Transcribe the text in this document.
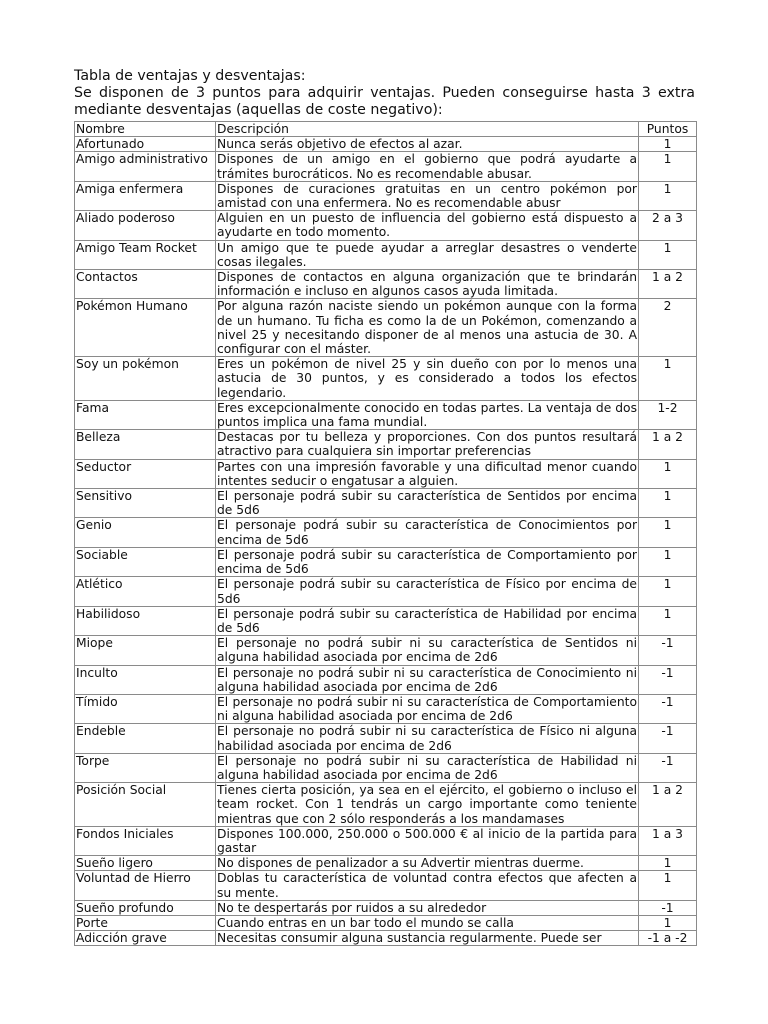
Tabla de ventajas y desventajas:

Se disponen de 3 puntos para adquirir ventajas. Pueden conseguirse hasta 3 extra mediante desventajas (aquellas de coste negativo):

Nombre	Descripción	Puntos
Afortunado	Nunca serás objetivo de efectos al azar.	1
Amigo administrativo	Dispones de un amigo en el gobierno que podrá ayudarte a trámites burocráticos. No es recomendable abusar.	1
Amiga enfermera	Dispones de curaciones gratuitas en un centro pokémon por amistad con una enfermera. No es recomendable abusr	1
Aliado poderoso	Alguien en un puesto de influencia del gobierno está dispuesto a ayudarte en todo momento.	2 a 3
Amigo Team Rocket	Un amigo que te puede ayudar a arreglar desastres o venderte cosas ilegales.	1
Contactos	Dispones de contactos en alguna organización que te brindarán información e incluso en algunos casos ayuda limitada.	1 a 2
Pokémon Humano	Por alguna razón naciste siendo un pokémon aunque con la forma de un humano. Tu ficha es como la de un Pokémon, comenzando a nivel 25 y necesitando disponer de al menos una astucia de 30. A configurar con el máster.	2
Soy un pokémon	Eres un pokémon de nivel 25 y sin dueño con por lo menos una astucia de 30 puntos, y es considerado a todos los efectos legendario.	1
Fama	Eres excepcionalmente conocido en todas partes. La ventaja de dos puntos implica una fama mundial.	1-2
Belleza	Destacas por tu belleza y proporciones. Con dos puntos resultará atractivo para cualquiera sin importar preferencias	1 a 2
Seductor	Partes con una impresión favorable y una dificultad menor cuando intentes seducir o engatusar a alguien.	1
Sensitivo	El personaje podrá subir su característica de Sentidos por encima de 5d6	1
Genio	El personaje podrá subir su característica de Conocimientos por encima de 5d6	1
Sociable	El personaje podrá subir su característica de Comportamiento por encima de 5d6	1
Atlético	El personaje podrá subir su característica de Físico por encima de 5d6	1
Habilidoso	El personaje podrá subir su característica de Habilidad por encima de 5d6	1
Miope	El personaje no podrá subir ni su característica de Sentidos ni alguna habilidad asociada por encima de 2d6	-1
Inculto	El personaje no podrá subir ni su característica de Conocimiento ni alguna habilidad asociada por encima de 2d6	-1
Tímido	El personaje no podrá subir ni su característica de Comportamiento ni alguna habilidad asociada por encima de 2d6	-1
Endeble	El personaje no podrá subir ni su característica de Físico ni alguna habilidad asociada por encima de 2d6	-1
Torpe	El personaje no podrá subir ni su característica de Habilidad ni alguna habilidad asociada por encima de 2d6	-1
Posición Social	Tienes cierta posición, ya sea en el ejército, el gobierno o incluso el team rocket. Con 1 tendrás un cargo importante como teniente mientras que con 2 sólo responderás a los mandamases	1 a 2
Fondos Iniciales	Dispones 100.000, 250.000 o 500.000 € al inicio de la partida para gastar	1 a 3
Sueño ligero	No dispones de penalizador a su Advertir mientras duerme.	1
Voluntad de Hierro	Doblas tu característica de voluntad contra efectos que afecten a su mente.	1
Sueño profundo	No te despertarás por ruidos a su alrededor	-1
Porte	Cuando entras en un bar todo el mundo se calla	1
Adicción grave	Necesitas consumir alguna sustancia regularmente. Puede ser	-1 a -2
